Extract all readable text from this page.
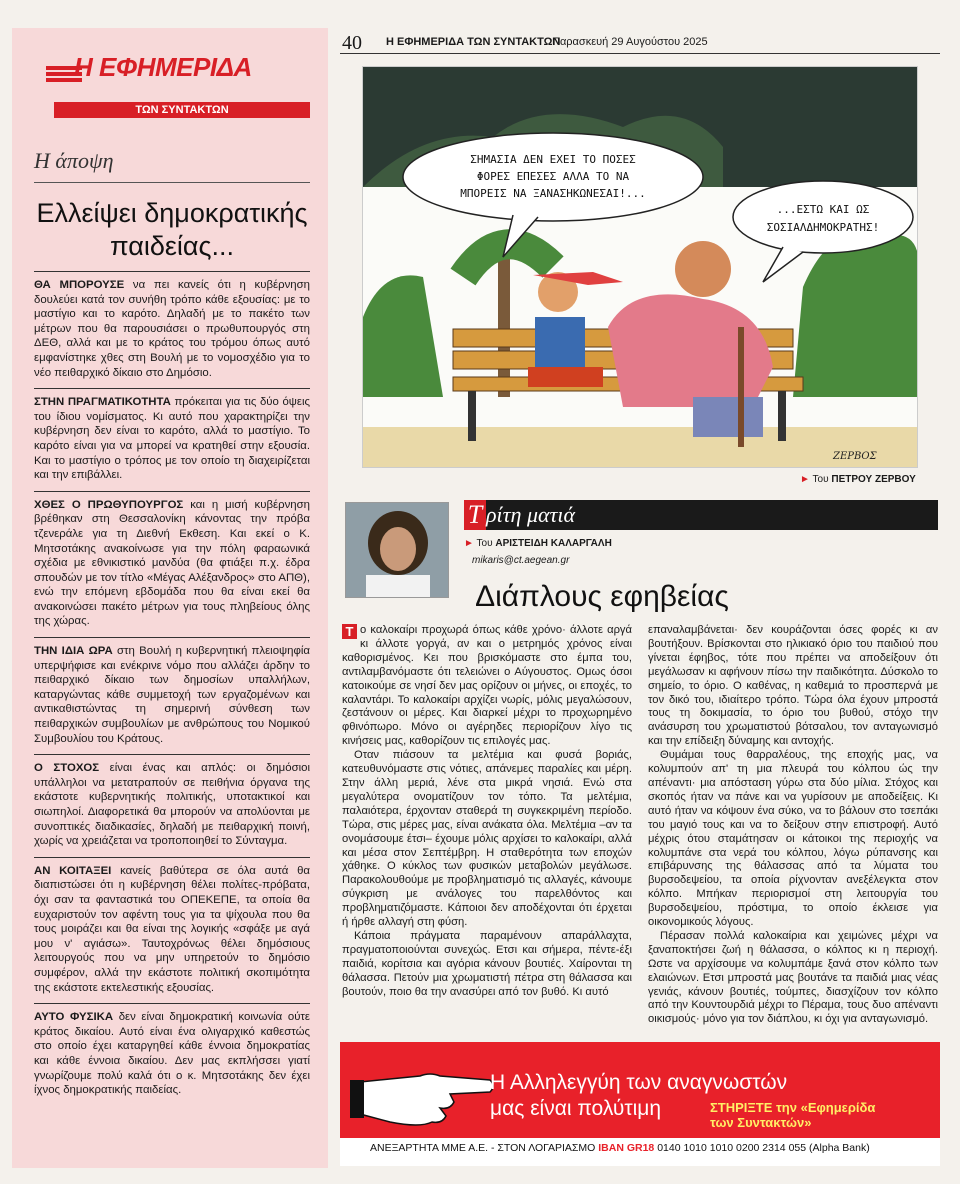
Η ΕΦΗΜΕΡΙΔΑ
ΤΩΝ ΣΥΝΤΑΚΤΩΝ
Η άποψη
Ελλείψει δημοκρατικής παιδείας...

ΘΑ ΜΠΟΡΟΥΣΕ να πει κανείς ότι η κυβέρνηση δουλεύει κατά τον συνήθη τρόπο κάθε εξουσίας: με το μαστίγιο και το καρότο. Δηλαδή με το πακέτο των μέτρων που θα παρουσιάσει ο πρωθυπουργός στη ΔΕΘ, αλλά και με το κράτος του τρόμου όπως αυτό εμφανίστηκε χθες στη Βουλή με το νομοσχέδιο για το νέο πειθαρχικό δίκαιο στο Δημόσιο.

ΣΤΗΝ ΠΡΑΓΜΑΤΙΚΟΤΗΤΑ πρόκειται για τις δύο όψεις του ίδιου νομίσματος. Κι αυτό που χαρακτηρίζει την κυβέρνηση δεν είναι το καρότο, αλλά το μαστίγιο. Το καρότο είναι για να μπορεί να κρατηθεί στην εξουσία. Και το μαστίγιο ο τρόπος με τον οποίο τη διαχειρίζεται και την επιβάλλει.

ΧΘΕΣ Ο ΠΡΩΘΥΠΟΥΡΓΟΣ και η μισή κυβέρνηση βρέθηκαν στη Θεσσαλονίκη κάνοντας την πρόβα τζενεράλε για τη Διεθνή Εκθεση. Και εκεί ο Κ. Μητσοτάκης ανακοίνωσε για την πόλη φαραωνικά σχέδια με εθνικιστικό μανδύα (θα φτιάξει π.χ. έδρα σπουδών με τον τίτλο «Μέγας Αλέξανδρος» στο ΑΠΘ), ενώ την επόμενη εβδομάδα που θα είναι εκεί θα ανακοινώσει πακέτο μέτρων για τους πληβείους όλης της χώρας.

ΤΗΝ ΙΔΙΑ ΩΡΑ στη Βουλή η κυβερνητική πλειοψηφία υπερψήφισε και ενέκρινε νόμο που αλλάζει άρδην το πειθαρχικό δίκαιο των δημοσίων υπαλλήλων, καταργώντας κάθε συμμετοχή των εργαζομένων και αντικαθιστώντας τη σημερινή σύνθεση των πειθαρχικών συμβουλίων με ανθρώπους του Νομικού Συμβουλίου του Κράτους.

Ο ΣΤΟΧΟΣ είναι ένας και απλός: οι δημόσιοι υπάλληλοι να μετατραπούν σε πειθήνια όργανα της εκάστοτε κυβερνητικής πολιτικής, υποτακτικοί και σιωπηλοί. Διαφορετικά θα μπορούν να απολύονται με συνοπτικές διαδικασίες, δηλαδή με πειθαρχική ποινή, χωρίς να χρειάζεται να τροποποιηθεί το Σύνταγμα.

ΑΝ ΚΟΙΤΑΞΕΙ κανείς βαθύτερα σε όλα αυτά θα διαπιστώσει ότι η κυβέρνηση θέλει πολίτες-πρόβατα, όχι σαν τα φανταστικά του ΟΠΕΚΕΠΕ, τα οποία θα ευχαριστούν τον αφέντη τους για τα ψίχουλα που θα τους μοιράζει και θα είναι της λογικής «σφάξε με αγά μου ν' αγιάσω». Ταυτοχρόνως θέλει δημόσιους λειτουργούς που να μην υπηρετούν το δημόσιο συμφέρον, αλλά την εκάστοτε πολιτική σκοπιμότητα της εκάστοτε εκτελεστικής εξουσίας.

ΑΥΤΟ ΦΥΣΙΚΑ δεν είναι δημοκρατική κοινωνία ούτε κράτος δικαίου. Αυτό είναι ένα ολιγαρχικό καθεστώς στο οποίο έχει καταργηθεί κάθε έννοια δημοκρατίας και κάθε έννοια δικαίου. Δεν μας εκπλήσσει γιατί γνωρίζουμε πολύ καλά ότι ο κ. Μητσοτάκης δεν έχει ίχνος δημοκρατικής παιδείας.

40 Η ΕΦΗΜΕΡΙΔΑ ΤΩΝ ΣΥΝΤΑΚΤΩΝ
Παρασκευή 29 Αυγούστου 2025
ΣΗΜΑΣΙΑ ΔΕΝ ΕΧΕΙ ΤΟ ΠΟΣΕΣ
ΦΟΡΕΣ ΕΠΕΣΕΣ ΑΛΛΑ ΤΟ ΝΑ
ΜΠΟΡΕΙΣ ΝΑ ΞΑΝΑΣΗΚΩΝΕΣΑΙ!...
...ΕΣΤΩ ΚΑΙ ΩΣ
ΣΟΣΙΑΛΔΗΜΟΚΡΑΤΗΣ!
ΖΕΡΒΟΣ
► Του ΠΕΤΡΟΥ ΖΕΡΒΟΥ
Τ ρίτη ματιά
► Του ΑΡΙΣΤΕΙΔΗ ΚΑΛΑΡΓΑΛΗ
mikaris@ct.aegean.gr
Διάπλους εφηβείας

Τ ο καλοκαίρι προχωρά όπως κάθε χρόνο· άλλοτε αργά κι άλλοτε γοργά, αν και ο μετρημός χρόνος είναι καθορισμένος. Κει που βρισκόμαστε στο έμπα του, αντιλαμβανόμαστε ότι τελειώνει ο Αύγουστος. Ομως όσοι κατοικούμε σε νησί δεν μας ορίζουν οι μήνες, οι εποχές, το καλαντάρι. Το καλοκαίρι αρχίζει νωρίς, μόλις μεγαλώσουν, ζεστάνουν οι μέρες. Και διαρκεί μέχρι το προχωρημένο φθινόπωρο. Μόνο οι αγέρηδες περιορίζουν λίγο τις κινήσεις μας, καθορίζουν τις επιλογές μας.

Οταν πιάσουν τα μελτέμια και φυσά βοριάς, κατευθυνόμαστε στις νότιες, απάνεμες παραλίες και μέρη. Στην άλλη μεριά, λένε στα μικρά νησιά. Ενώ στα μεγαλύτερα ονοματίζουν τον τόπο. Τα μελτέμια, παλαιότερα, έρχονταν σταθερά τη συγκεκριμένη περίοδο. Τώρα, στις μέρες μας, είναι ανάκατα όλα. Μελτέμια –αν τα ονομάσουμε έτσι– έχουμε μόλις αρχίσει το καλοκαίρι, αλλά και μέσα στον Σεπτέμβρη. Η σταθερότητα των εποχών χάθηκε. Ο κύκλος των φυσικών μεταβολών μεγάλωσε. Παρακολουθούμε με προβληματισμό τις αλλαγές, κάνουμε σύγκριση με ανάλογες του παρελθόντος και προβληματιζόμαστε. Κάποιοι δεν αποδέχονται ότι έρχεται ή ήρθε αλλαγή στη φύση.

Κάποια πράγματα παραμένουν απαράλλαχτα, πραγματοποιούνται συνεχώς. Ετσι και σήμερα, πέντε-έξι παιδιά, κορίτσια και αγόρια κάνουν βουτιές. Χαίρονται τη θάλασσα. Πετούν μια χρωματιστή πέτρα στη θάλασσα και βουτούν, ποιο θα την ανασύρει από τον βυθό. Κι αυτό

επαναλαμβάνεται· δεν κουράζονται όσες φορές κι αν βουτήξουν. Βρίσκονται στο ηλικιακό όριο του παιδιού που γίνεται έφηβος, τότε που πρέπει να αποδείξουν ότι μεγάλωσαν κι αφήνουν πίσω την παιδικότητα. Δύσκολο το σημείο, το όριο. Ο καθένας, η καθεμιά το προσπερνά με τον δικό του, ιδιαίτερο τρόπο. Τώρα όλα έχουν μπροστά τους τη δοκιμασία, το όριο του βυθού, στόχο την ανάσυρση του χρωματιστού βότσαλου, τον ανταγωνισμό και την επίδειξη δύναμης και αντοχής.

Θυμάμαι τους θαρραλέους, της εποχής μας, να κολυμπούν απ' τη μια πλευρά του κόλπου ώς την απέναντι· μια απόσταση γύρω στα δύο μίλια. Στόχος και σκοπός ήταν να πάνε και να γυρίσουν με αποδείξεις. Κι αυτό ήταν να κόψουν ένα σύκο, να το βάλουν στο τσεπάκι του μαγιό τους και να το δείξουν στην επιστροφή. Αυτό μέχρις ότου σταμάτησαν οι κάτοικοι της περιοχής να κολυμπάνε στα νερά του κόλπου, λόγω ρύπανσης και επιβάρυνσης της θάλασσας από τα λύματα του βυρσοδεψείου, τα οποία ρίχνονταν ανεξέλεγκτα στον κόλπο. Μπήκαν περιορισμοί στη λειτουργία του βυρσοδεψείου, πρόστιμα, το οποίο έκλεισε για οικονομικούς λόγους.

Πέρασαν πολλά καλοκαίρια και χειμώνες μέχρι να ξαναποκτήσει ζωή η θάλασσα, ο κόλπος κι η περιοχή. Ωστε να αρχίσουμε να κολυμπάμε ξανά στον κόλπο των ελαιώνων. Ετσι μπροστά μας βουτάνε τα παιδιά μιας νέας γενιάς, κάνουν βουτιές, τούμπες, διασχίζουν τον κόλπο από την Κουντουρδιά μέχρι το Πέραμα, τους δυο απέναντι οικισμούς· μόνο για τον διάπλου, κι όχι για ανταγωνισμό.

Η Αλληλεγγύη των αναγνωστών
μας είναι πολύτιμη	ΣΤΗΡΙΞΤΕ την «Εφημερίδα
των Συντακτών»
ΑΝΕΞΑΡΤΗΤΑ ΜΜΕ Α.Ε. - ΣΤΟΝ ΛΟΓΑΡΙΑΣΜΟ IBAN GR18 0140 1010 1010 0200 2314 055 (Alpha Bank)
